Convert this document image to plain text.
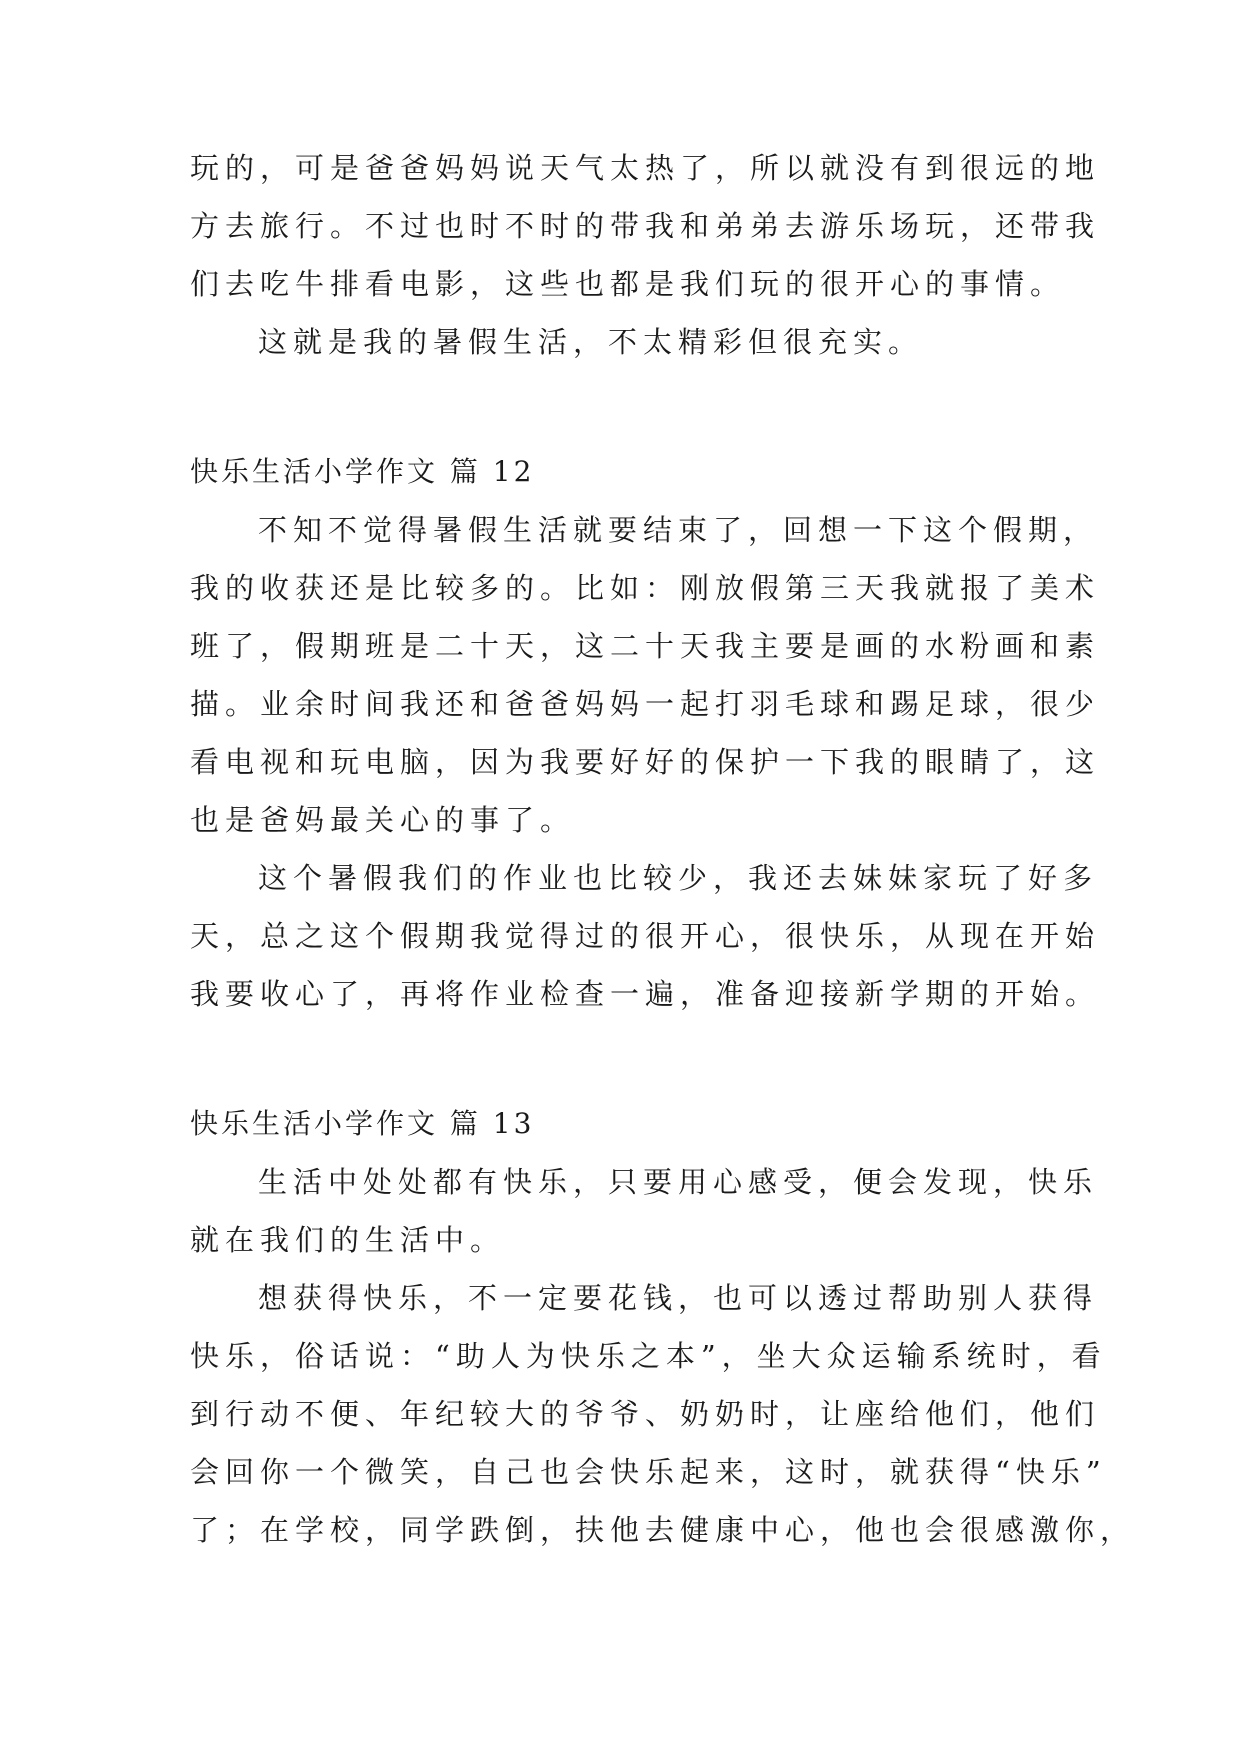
玩的，可是爸爸妈妈说天气太热了，所以就没有到很远的地
方去旅行。不过也时不时的带我和弟弟去游乐场玩，还带我
们去吃牛排看电影，这些也都是我们玩的很开心的事情。
这就是我的暑假生活，不太精彩但很充实。
快乐生活小学作文 篇 12
不知不觉得暑假生活就要结束了，回想一下这个假期，
我的收获还是比较多的。比如：刚放假第三天我就报了美术
班了，假期班是二十天，这二十天我主要是画的水粉画和素
描。业余时间我还和爸爸妈妈一起打羽毛球和踢足球，很少
看电视和玩电脑，因为我要好好的保护一下我的眼睛了，这
也是爸妈最关心的事了。
这个暑假我们的作业也比较少，我还去妹妹家玩了好多
天，总之这个假期我觉得过的很开心，很快乐，从现在开始
我要收心了，再将作业检查一遍，准备迎接新学期的开始。
快乐生活小学作文 篇 13
生活中处处都有快乐，只要用心感受，便会发现，快乐
就在我们的生活中。
想获得快乐，不一定要花钱，也可以透过帮助别人获得
快乐，俗话说：“助人为快乐之本”，坐大众运输系统时，看
到行动不便、年纪较大的爷爷、奶奶时，让座给他们，他们
会回你一个微笑，自己也会快乐起来，这时，就获得“快乐”
了；在学校，同学跌倒，扶他去健康中心，他也会很感激你，
